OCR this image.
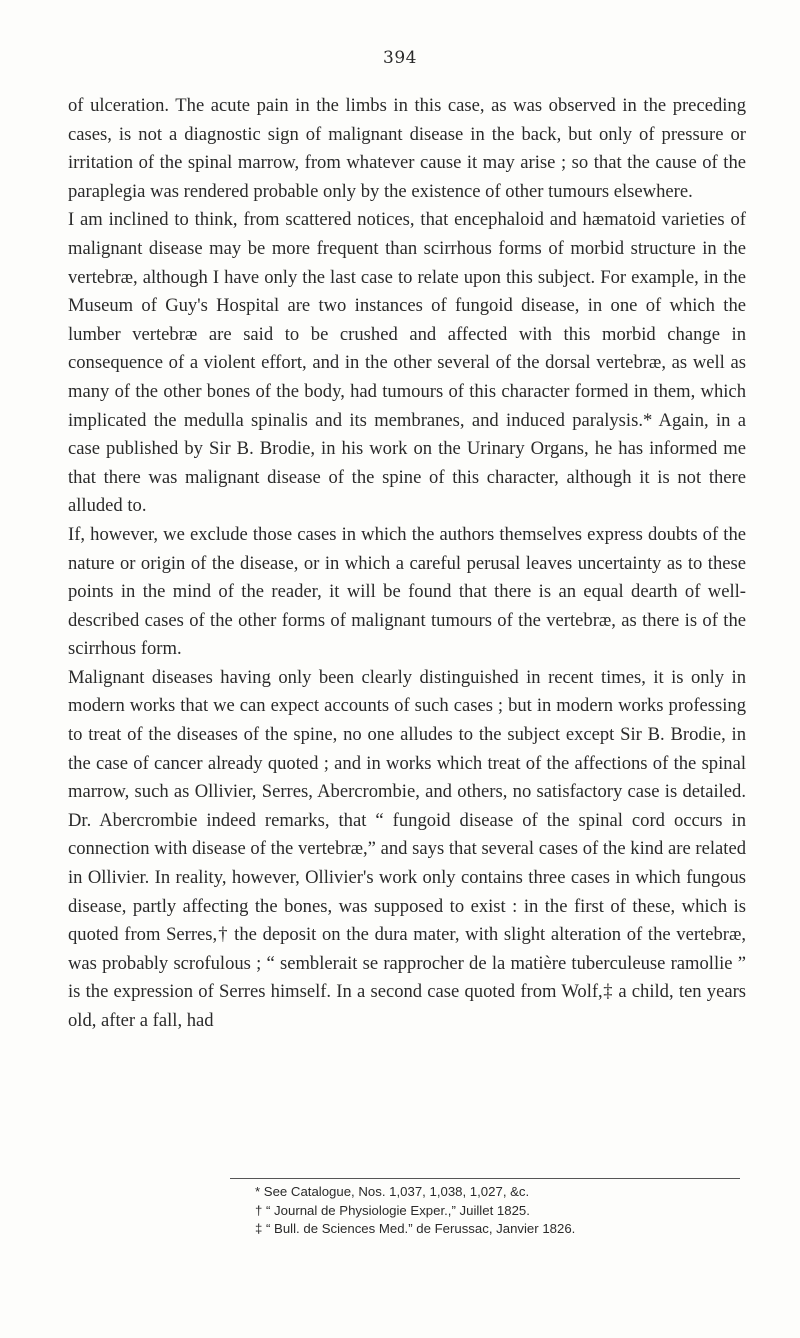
394

of ulceration. The acute pain in the limbs in this case, as was observed in the preceding cases, is not a diagnostic sign of malignant disease in the back, but only of pressure or irritation of the spinal marrow, from whatever cause it may arise ; so that the cause of the paraplegia was rendered probable only by the existence of other tumours elsewhere.

I am inclined to think, from scattered notices, that encephaloid and hæmatoid varieties of malignant disease may be more frequent than scirrhous forms of morbid structure in the vertebræ, although I have only the last case to relate upon this subject. For example, in the Museum of Guy's Hospital are two instances of fungoid disease, in one of which the lumber vertebræ are said to be crushed and affected with this morbid change in consequence of a violent effort, and in the other several of the dorsal vertebræ, as well as many of the other bones of the body, had tumours of this character formed in them, which implicated the medulla spinalis and its membranes, and induced paralysis.* Again, in a case published by Sir B. Brodie, in his work on the Urinary Organs, he has informed me that there was malignant disease of the spine of this character, although it is not there alluded to.

If, however, we exclude those cases in which the authors themselves express doubts of the nature or origin of the disease, or in which a careful perusal leaves uncertainty as to these points in the mind of the reader, it will be found that there is an equal dearth of well-described cases of the other forms of malignant tumours of the vertebræ, as there is of the scirrhous form.

Malignant diseases having only been clearly distinguished in recent times, it is only in modern works that we can expect accounts of such cases ; but in modern works professing to treat of the diseases of the spine, no one alludes to the subject except Sir B. Brodie, in the case of cancer already quoted ; and in works which treat of the affections of the spinal marrow, such as Ollivier, Serres, Abercrombie, and others, no satisfactory case is detailed. Dr. Abercrombie indeed remarks, that “ fungoid disease of the spinal cord occurs in connection with disease of the vertebræ,” and says that several cases of the kind are related in Ollivier. In reality, however, Ollivier's work only contains three cases in which fungous disease, partly affecting the bones, was supposed to exist : in the first of these, which is quoted from Serres,† the deposit on the dura mater, with slight alteration of the vertebræ, was probably scrofulous ; “ semblerait se rapprocher de la matière tuberculeuse ramollie ” is the expression of Serres himself. In a second case quoted from Wolf,‡ a child, ten years old, after a fall, had

* See Catalogue, Nos. 1,037, 1,038, 1,027, &c.
† “ Journal de Physiologie Exper.,” Juillet 1825.
‡ “ Bull. de Sciences Med.” de Ferussac, Janvier 1826.
